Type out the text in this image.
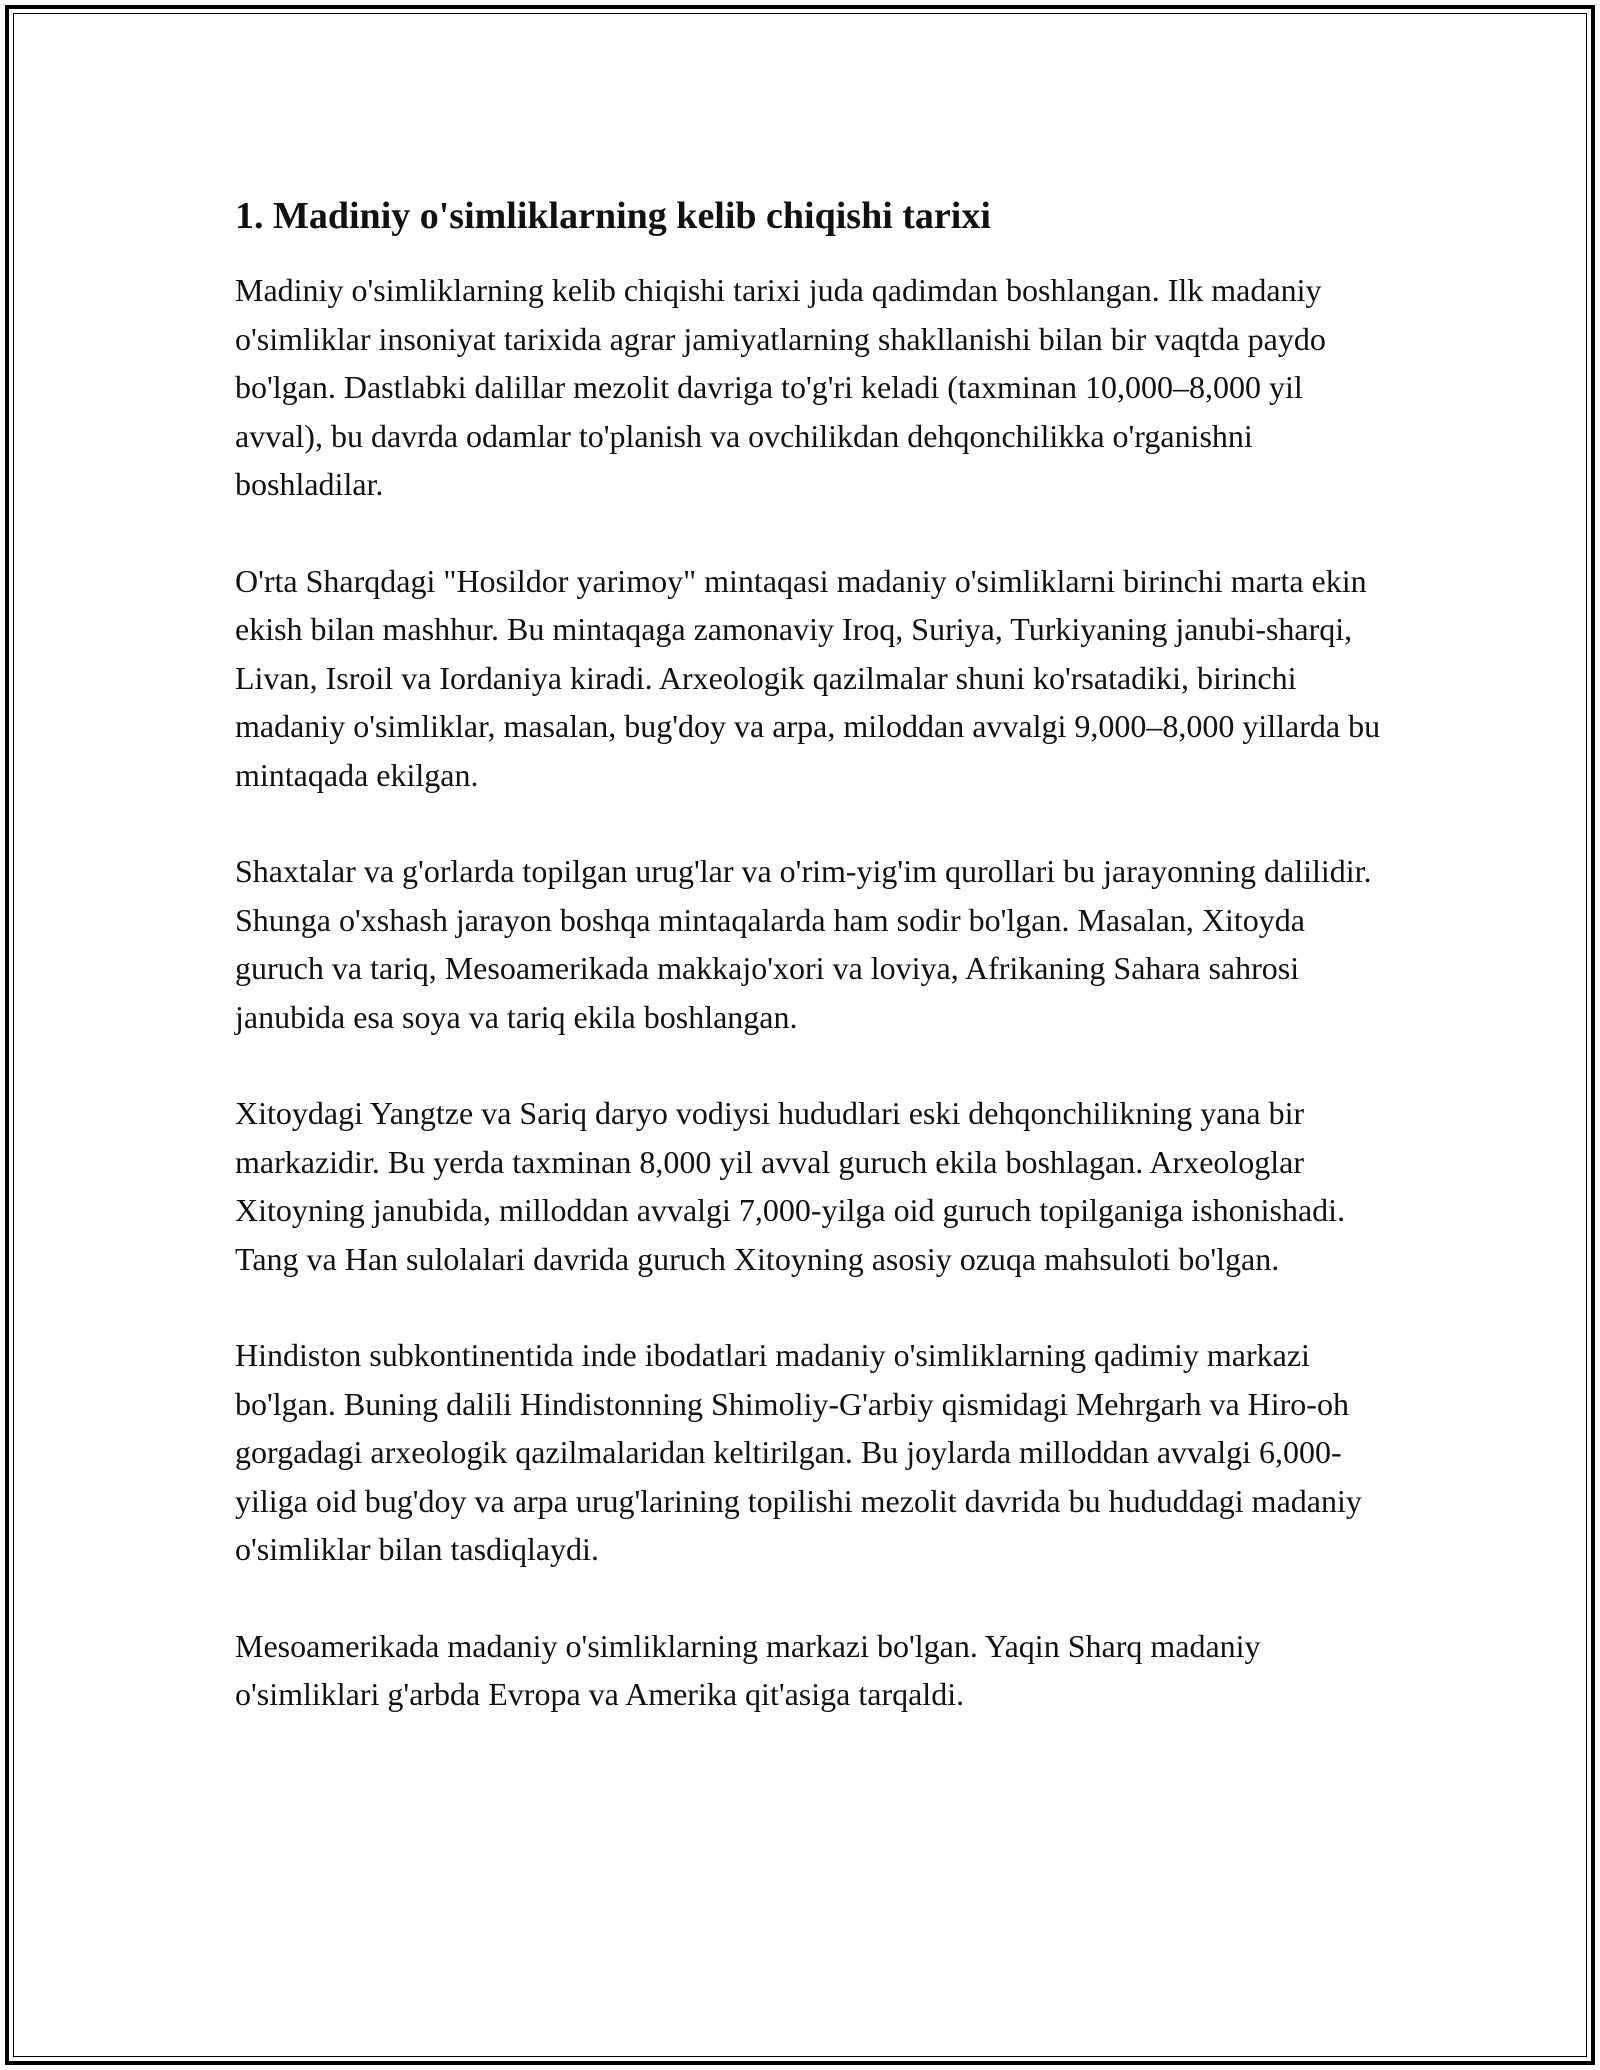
1. Madiniy o'simliklarning kelib chiqishi tarixi

Madiniy o'simliklarning kelib chiqishi tarixi juda qadimdan boshlangan. Ilk madaniy o'simliklar insoniyat tarixida agrar jamiyatlarning shakllanishi bilan bir vaqtda paydo bo'lgan. Dastlabki dalillar mezolit davriga to'g'ri keladi (taxminan 10,000–8,000 yil avval), bu davrda odamlar to'planish va ovchilikdan dehqonchilikka o'rganishni boshladilar.

O'rta Sharqdagi "Hosildor yarimoy" mintaqasi madaniy o'simliklarni birinchi marta ekin ekish bilan mashhur. Bu mintaqaga zamonaviy Iroq, Suriya, Turkiyaning janubi-sharqi, Livan, Isroil va Iordaniya kiradi. Arxeologik qazilmalar shuni ko'rsatadiki, birinchi madaniy o'simliklar, masalan, bug'doy va arpa, miloddan avvalgi 9,000–8,000 yillarda bu mintaqada ekilgan.

Shaxtalar va g'orlarda topilgan urug'lar va o'rim-yig'im qurollari bu jarayonning dalilidir. Shunga o'xshash jarayon boshqa mintaqalarda ham sodir bo'lgan. Masalan, Xitoyda guruch va tariq, Mesoamerikada makkajo'xori va loviya, Afrikaning Sahara sahrosi janubida esa soya va tariq ekila boshlangan.

Xitoydagi Yangtze va Sariq daryo vodiysi hududlari eski dehqonchilikning yana bir markazidir. Bu yerda taxminan 8,000 yil avval guruch ekila boshlagan. Arxeologlar Xitoyning janubida, milloddan avvalgi 7,000-yilga oid guruch topilganiga ishonishadi. Tang va Han sulolalari davrida guruch Xitoyning asosiy ozuqa mahsuloti bo'lgan.

Hindiston subkontinentida inde ibodatlari madaniy o'simliklarning qadimiy markazi bo'lgan. Buning dalili Hindistonning Shimoliy-G'arbiy qismidagi Mehrgarh va Hiro-oh gorgadagi arxeologik qazilmalaridan keltirilgan. Bu joylarda milloddan avvalgi 6,000-yiliga oid bug'doy va arpa urug'larining topilishi mezolit davrida bu hududdagi madaniy o'simliklar bilan tasdiqlaydi.

Mesoamerikada madaniy o'simliklarning markazi bo'lgan. Yaqin Sharq madaniy o'simliklari g'arbda Evropa va Amerika qit'asiga tarqaldi.
